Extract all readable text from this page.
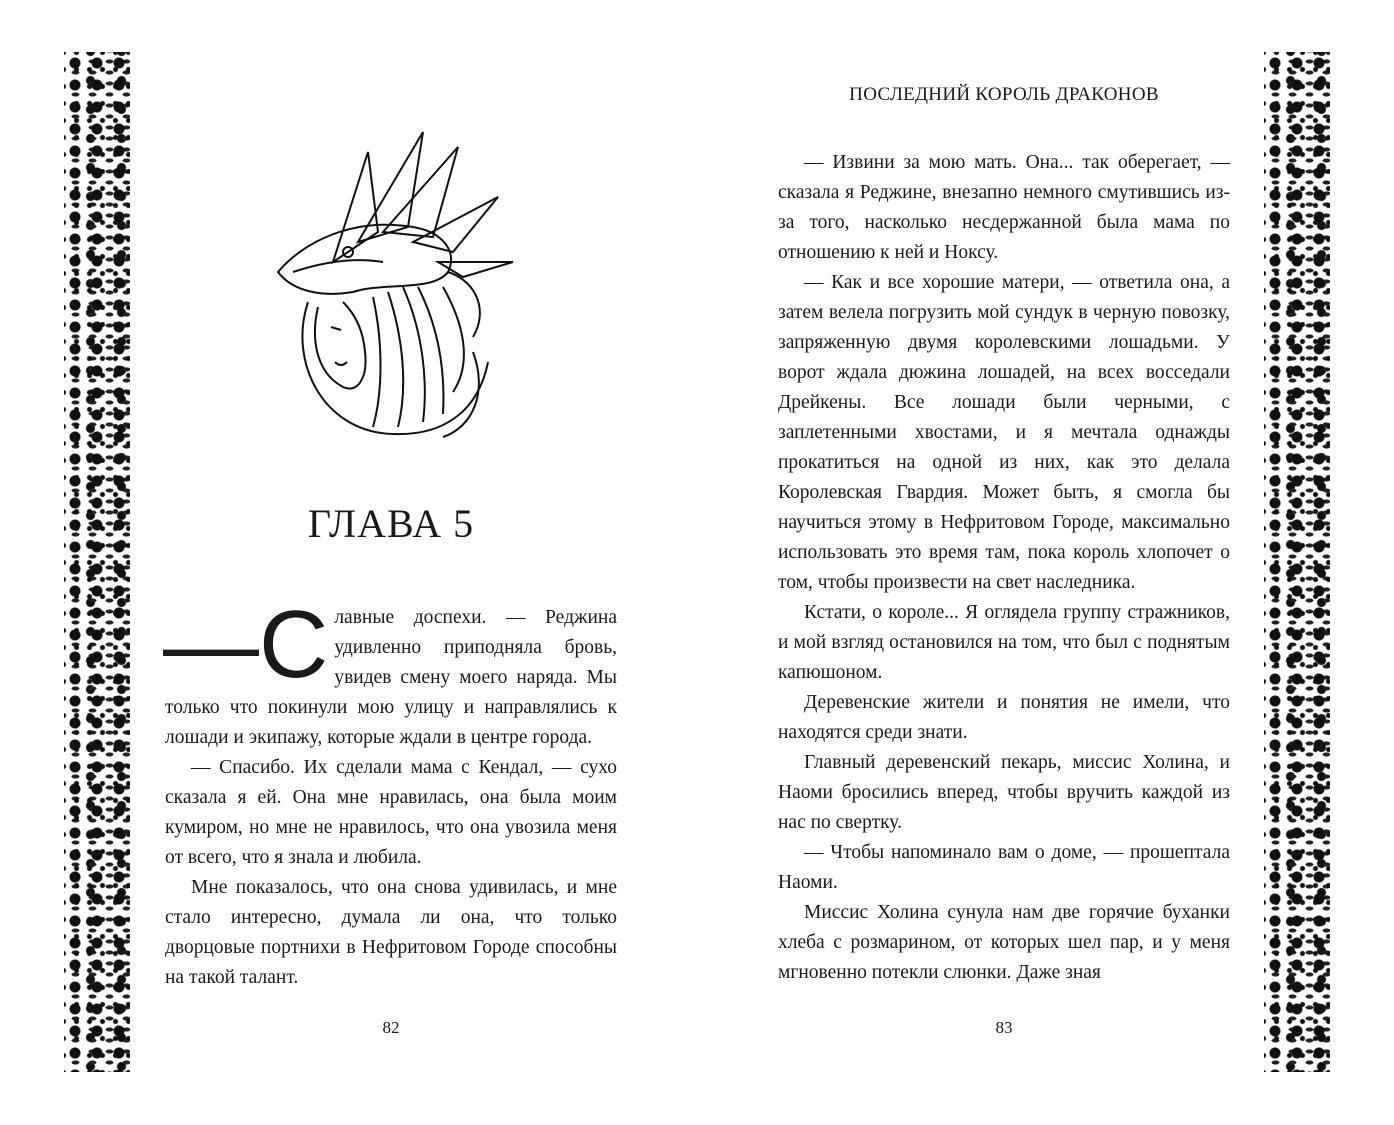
ГЛАВА 5

—С лавные доспехи. — Реджина удивленно приподняла бровь, увидев смену моего наряда. Мы только что покинули мою улицу и направлялись к лошади и экипажу, которые ждали в центре города.

— Спасибо. Их сделали мама с Кендал, — сухо сказала я ей. Она мне нравилась, она была моим кумиром, но мне не нравилось, что она увозила меня от всего, что я знала и любила.

Мне показалось, что она снова удивилась, и мне стало интересно, думала ли она, что только дворцовые портнихи в Нефритовом Городе способны на такой талант.

82
ПОСЛЕДНИЙ КОРОЛЬ ДРАКОНОВ

— Извини за мою мать. Она... так оберегает, — сказала я Реджине, внезапно немного смутившись из-за того, насколько несдержанной была мама по отношению к ней и Ноксу.

— Как и все хорошие матери, — ответила она, а затем велела погрузить мой сундук в черную повозку, запряженную двумя королевскими лошадьми. У ворот ждала дюжина лошадей, на всех восседали Дрейкены. Все лошади были черными, с заплетенными хвостами, и я мечтала однажды прокатиться на одной из них, как это делала Королевская Гвардия. Может быть, я смогла бы научиться этому в Нефритовом Городе, максимально использовать это время там, пока король хлопочет о том, чтобы произвести на свет наследника.

Кстати, о короле... Я оглядела группу стражников, и мой взгляд остановился на том, что был с поднятым капюшоном.

Деревенские жители и понятия не имели, что находятся среди знати.

Главный деревенский пекарь, миссис Холина, и Наоми бросились вперед, чтобы вручить каждой из нас по свертку.

— Чтобы напоминало вам о доме, — прошептала Наоми.

Миссис Холина сунула нам две горячие буханки хлеба с розмарином, от которых шел пар, и у меня мгновенно потекли слюнки. Даже зная

83
